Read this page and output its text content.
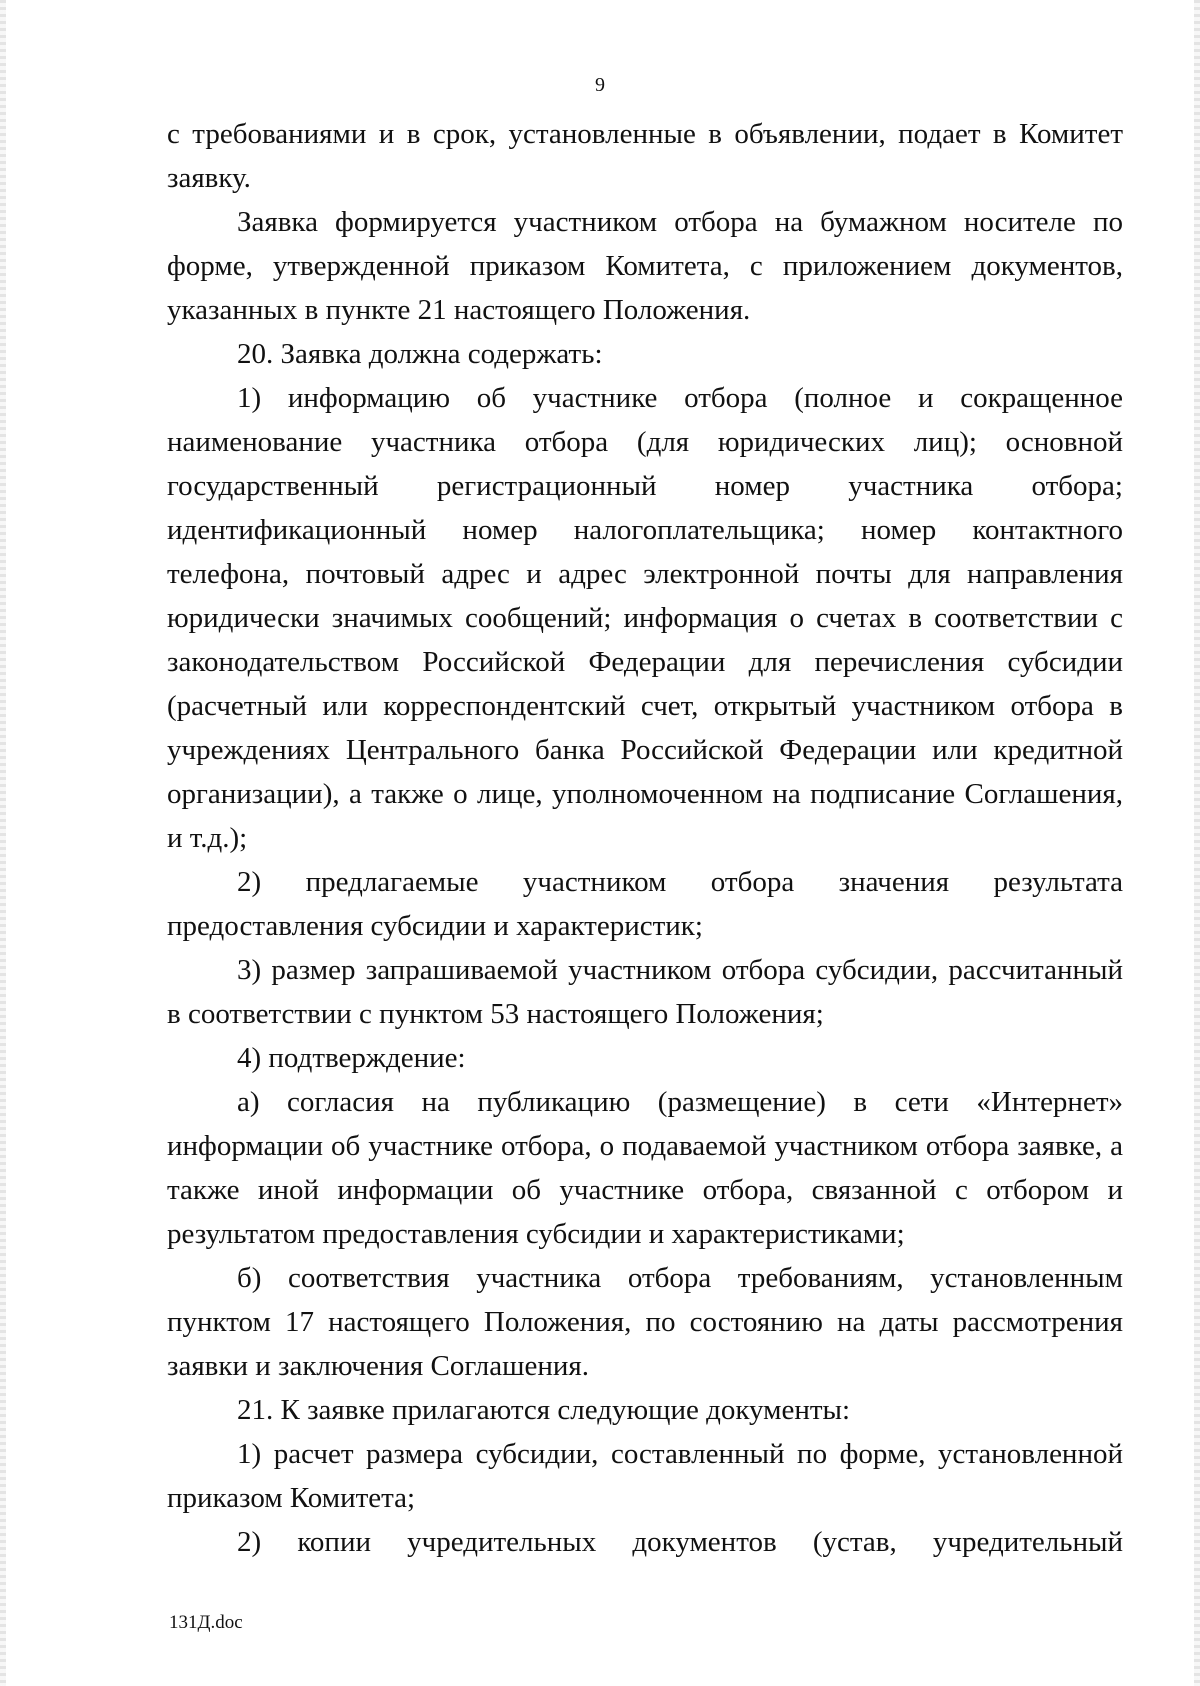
9

с требованиями и в срок, установленные в объявлении, подает в Комитет заявку.

Заявка формируется участником отбора на бумажном носителе по форме, утвержденной приказом Комитета, с приложением документов, указанных в пункте 21 настоящего Положения.

20. Заявка должна содержать:

1) информацию об участнике отбора (полное и сокращенное наименование участника отбора (для юридических лиц); основной государственный регистрационный номер участника отбора; идентификационный номер налогоплательщика; номер контактного телефона, почтовый адрес и адрес электронной почты для направления юридически значимых сообщений; информация о счетах в соответствии с законодательством Российской Федерации для перечисления субсидии (расчетный или корреспондентский счет, открытый участником отбора в учреждениях Центрального банка Российской Федерации или кредитной организации), а также о лице, уполномоченном на подписание Соглашения, и т.д.);

2) предлагаемые участником отбора значения результата предоставления субсидии и характеристик;

3) размер запрашиваемой участником отбора субсидии, рассчитанный в соответствии с пунктом 53 настоящего Положения;

4) подтверждение:

а) согласия на публикацию (размещение) в сети «Интернет» информации об участнике отбора, о подаваемой участником отбора заявке, а также иной информации об участнике отбора, связанной с отбором и результатом предоставления субсидии и характеристиками;

б) соответствия участника отбора требованиям, установленным пунктом 17 настоящего Положения, по состоянию на даты рассмотрения заявки и заключения Соглашения.

21. К заявке прилагаются следующие документы:

1) расчет размера субсидии, составленный по форме, установленной приказом Комитета;

2) копии учредительных документов (устав, учредительный

131Д.doc
